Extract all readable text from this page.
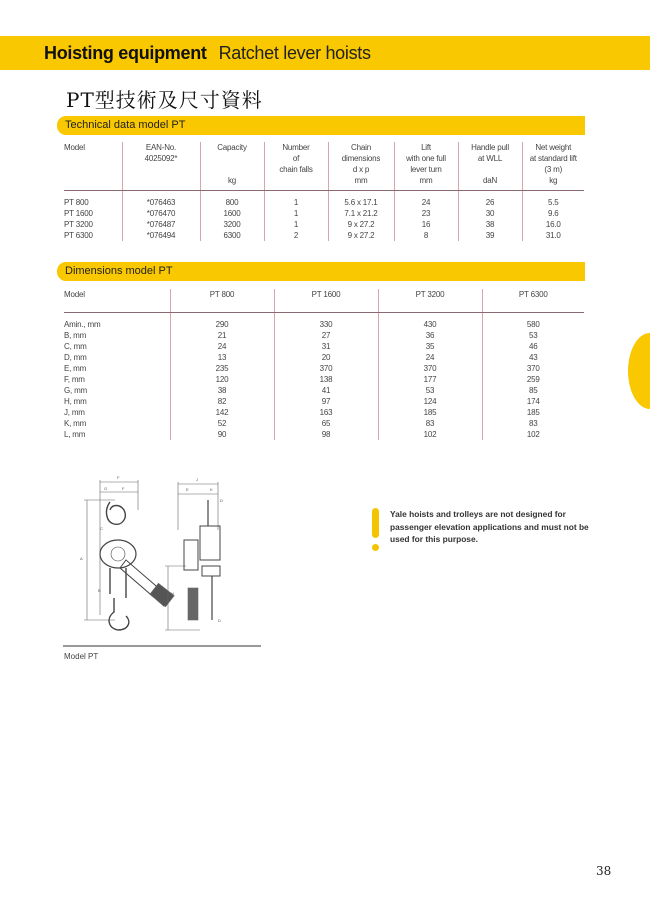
Hoisting equipment Ratchet lever hoists
PT型技術及尺寸資料
Technical data model PT
Model	EAN-No.	Capacity	Number	Chain	Lift	Handle pull	Net weight
	4025092*		of	dimensions	with one full	at WLL	at standard lift
			chain falls	d x p	lever turn		(3 m)

		kg		mm	mm	daN	kg
PT 800	*076463	800	1	5.6 x 17.1	24	26	5.5
PT 1600	*076470	1600	1	7.1 x 21.2	23	30	9.6
PT 3200	*076487	3200	1	9 x 27.2	16	38	16.0
PT 6300	*076494	6300	2	9 x 27.2	8	39	31.0
Dimensions model PT
Model	PT 800	PT 1600	PT 3200	PT 6300
Amin., mm	290	330	430	580
B, mm	21	27	36	53
C, mm	24	31	35	46
D, mm	13	20	24	43
E, mm	235	370	370	370
F, mm	120	138	177	259
G, mm	38	41	53	85
H, mm	82	97	124	174
J, mm	142	163	185	185
K, mm	52	65	83	83
L, mm	90	98	102	102
F
G	F
J
E	K
D
C
A
B
H
D
Model PT
Yale hoists and trolleys are not designed for passenger elevation applications and must not be used for this purpose.
38
